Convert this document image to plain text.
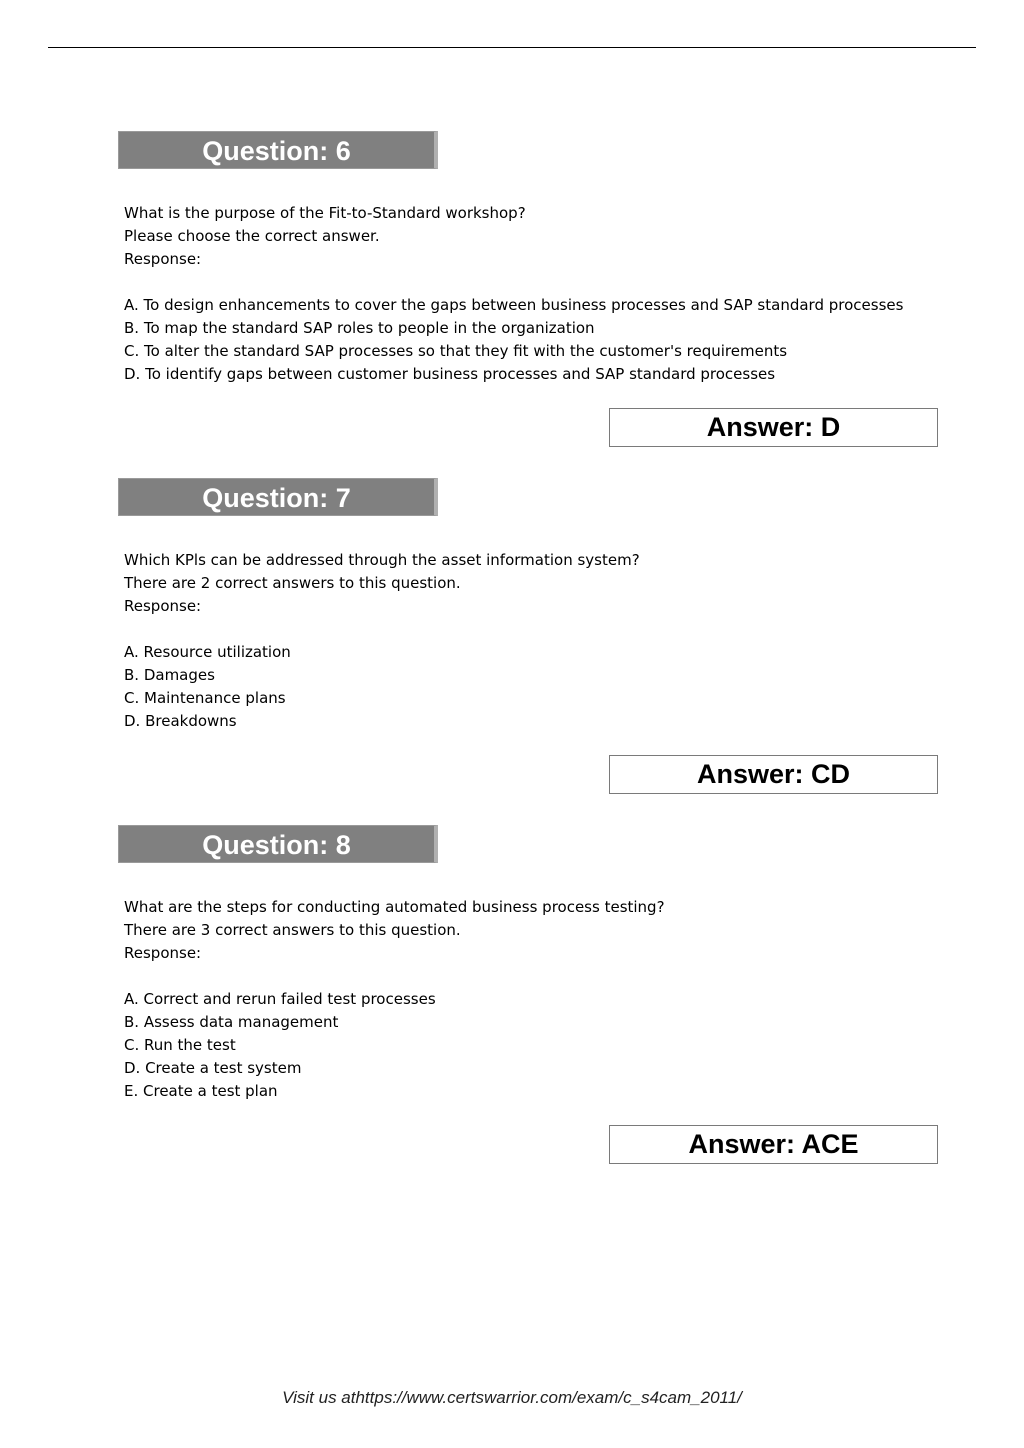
Question: 6
What is the purpose of the Fit-to-Standard workshop?
Please choose the correct answer.
Response:
A. To design enhancements to cover the gaps between business processes and SAP standard processes
B. To map the standard SAP roles to people in the organization
C. To alter the standard SAP processes so that they fit with the customer's requirements
D. To identify gaps between customer business processes and SAP standard processes
Answer: D
Question: 7
Which KPls can be addressed through the asset information system?
There are 2 correct answers to this question.
Response:
A. Resource utilization
B. Damages
C. Maintenance plans
D. Breakdowns
Answer: CD
Question: 8
What are the steps for conducting automated business process testing?
There are 3 correct answers to this question.
Response:
A. Correct and rerun failed test processes
B. Assess data management
C. Run the test
D. Create a test system
E. Create a test plan
Answer: ACE
Visit us athttps://www.certswarrior.com/exam/c_s4cam_2011/
